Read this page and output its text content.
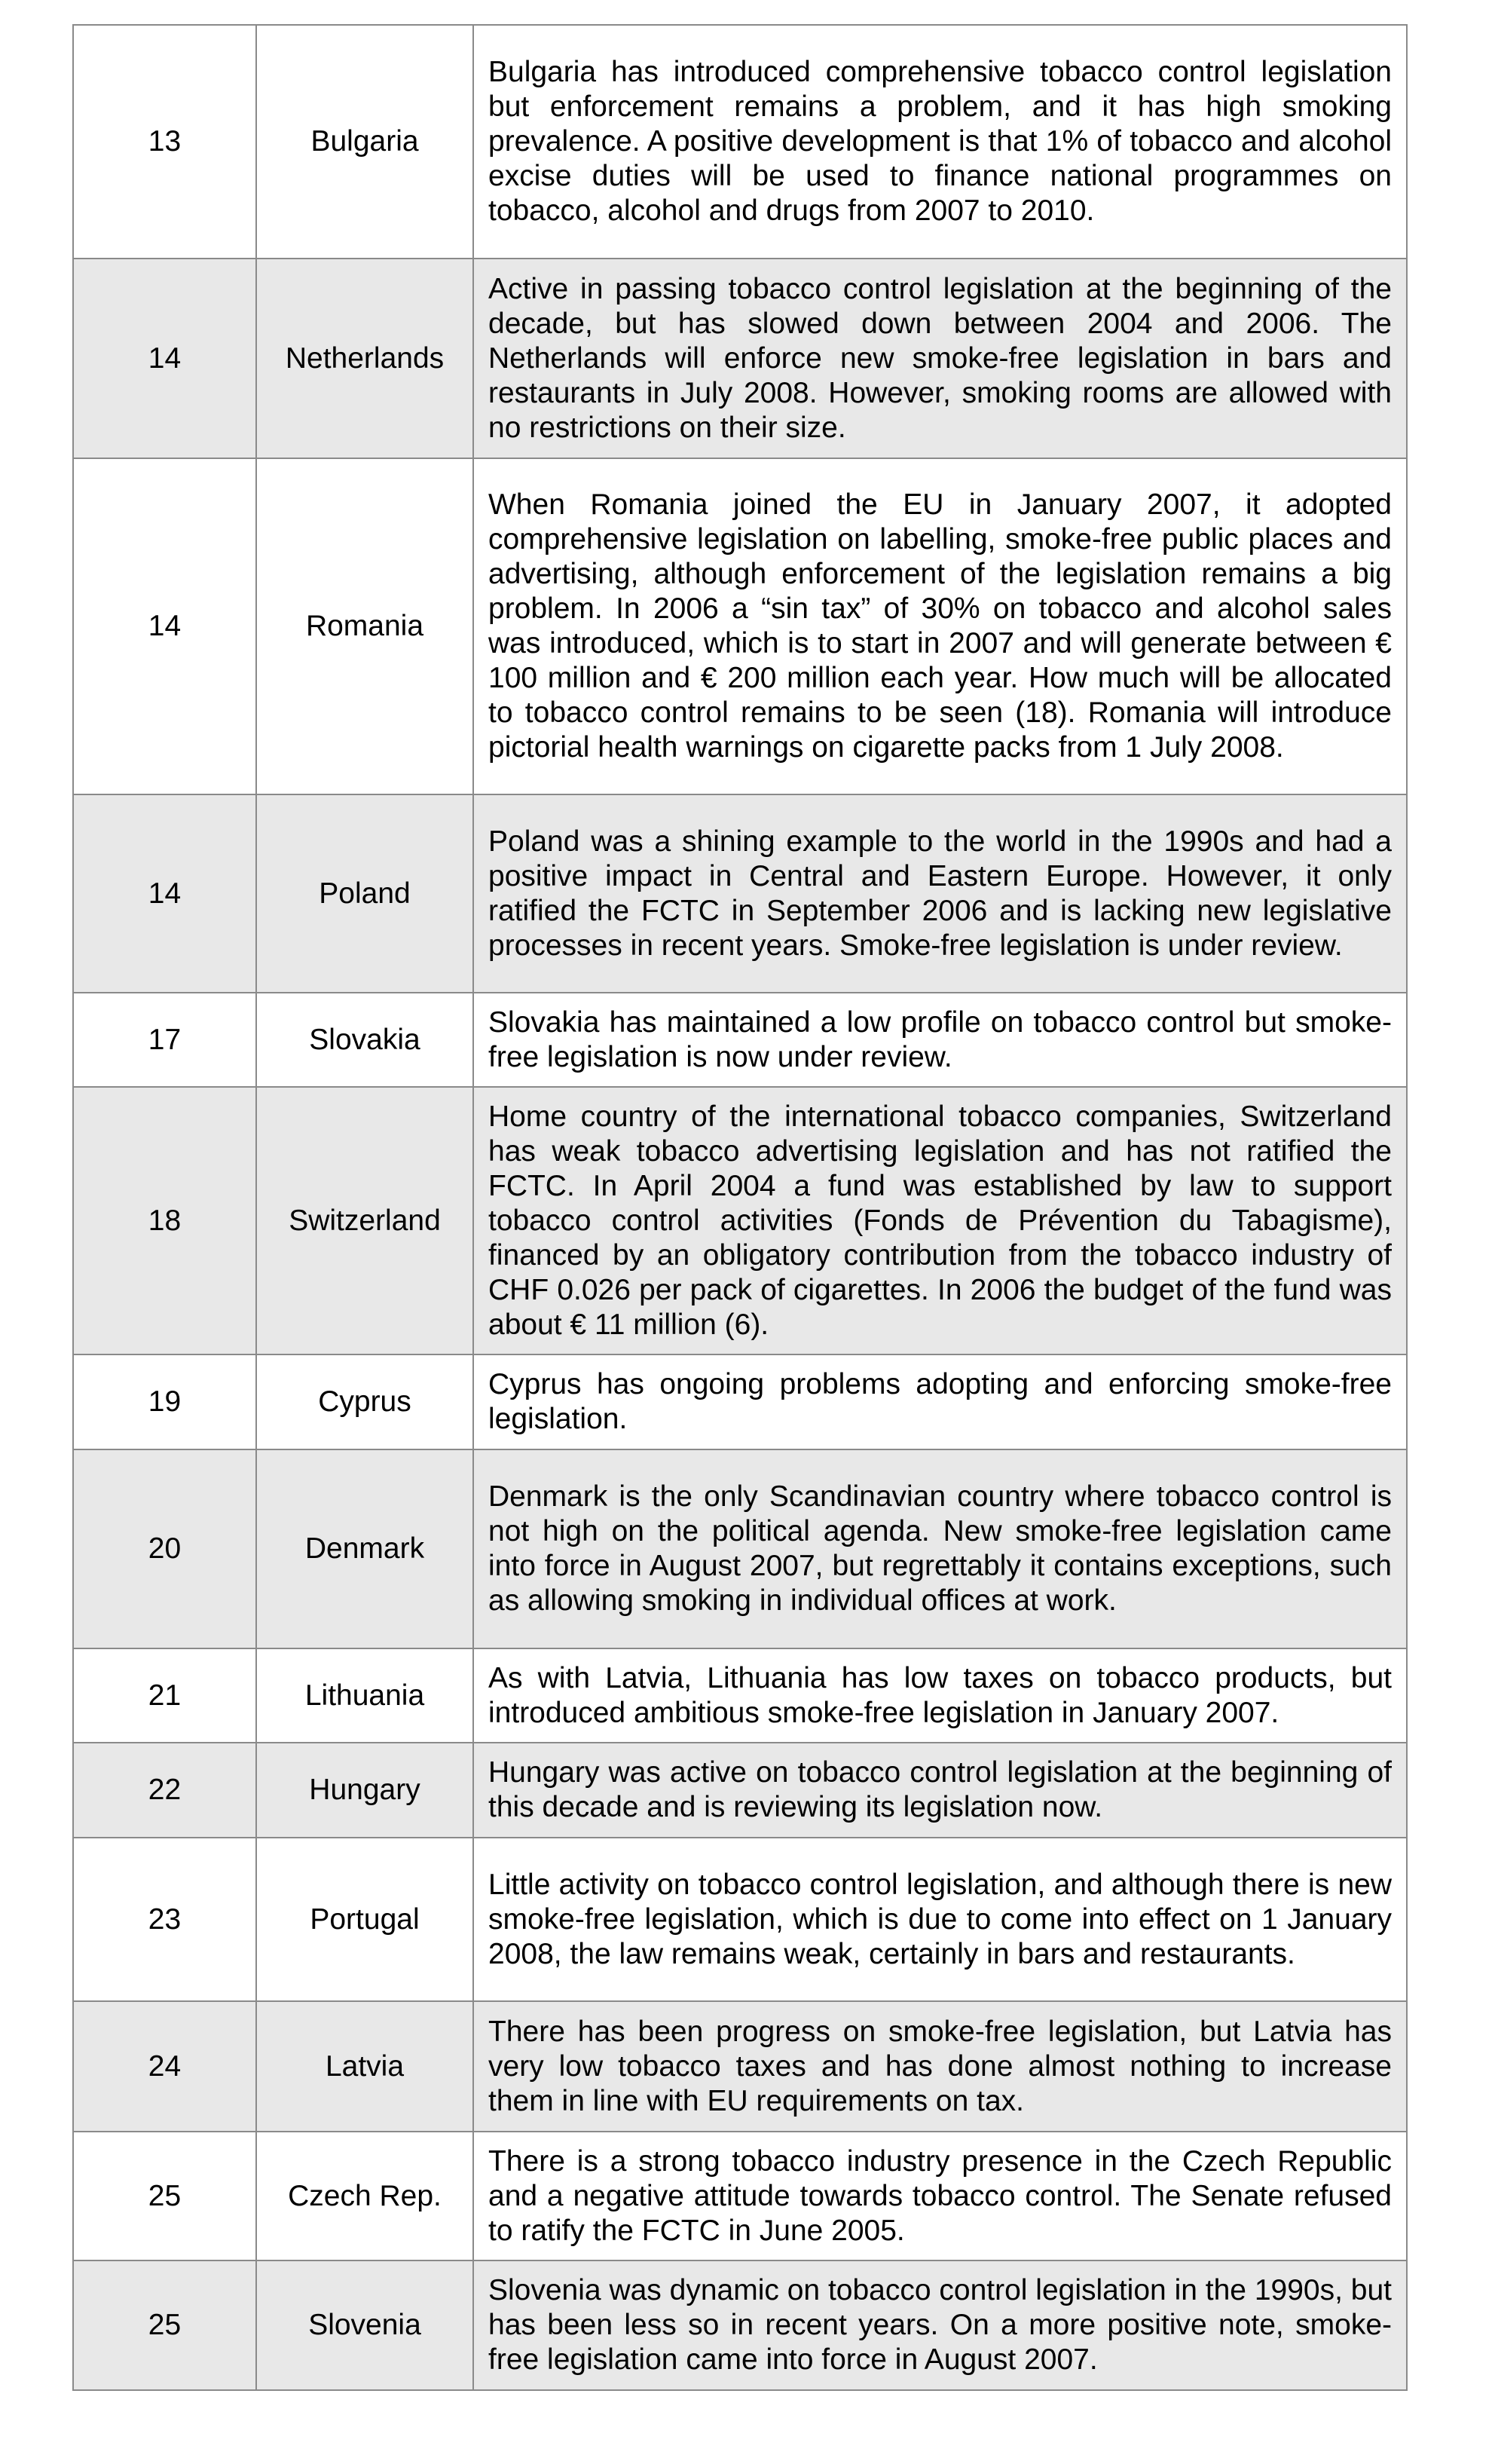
13	Bulgaria	Bulgaria has introduced comprehensive tobacco control legislation but enforcement remains a problem, and it has high smoking prevalence. A positive development is that 1% of tobacco and alcohol excise duties will be used to finance national programmes on tobacco, alcohol and drugs from 2007 to 2010.
14	Netherlands	Active in passing tobacco control legislation at the beginning of the decade, but has slowed down between 2004 and 2006. The Netherlands will enforce new smoke-free legislation in bars and restaurants in July 2008. However, smoking rooms are allowed with no restrictions on their size.
14	Romania	When Romania joined the EU in January 2007, it adopted comprehensive legislation on labelling, smoke-free public places and advertising, although enforcement of the legislation remains a big problem. In 2006 a “sin tax” of 30% on tobacco and alcohol sales was introduced, which is to start in 2007 and will generate between € 100 million and € 200 million each year. How much will be allocated to tobacco control remains to be seen (18). Romania will introduce pictorial health warnings on cigarette packs from 1 July 2008.
14	Poland	Poland was a shining example to the world in the 1990s and had a positive impact in Central and Eastern Europe. However, it only ratified the FCTC in September 2006 and is lacking new legislative processes in recent years. Smoke-free legislation is under review.
17	Slovakia	Slovakia has maintained a low profile on tobacco control but smoke-free legislation is now under review.
18	Switzerland	Home country of the international tobacco companies, Switzerland has weak tobacco advertising legislation and has not ratified the FCTC. In April 2004 a fund was established by law to support tobacco control activities (Fonds de Prévention du Tabagisme), financed by an obligatory contribution from the tobacco industry of CHF 0.026 per pack of cigarettes. In 2006 the budget of the fund was about € 11 million (6).
19	Cyprus	Cyprus has ongoing problems adopting and enforcing smoke-free legislation.
20	Denmark	Denmark is the only Scandinavian country where tobacco control is not high on the political agenda. New smoke-free legislation came into force in August 2007, but regrettably it contains exceptions, such as allowing smoking in individual offices at work.
21	Lithuania	As with Latvia, Lithuania has low taxes on tobacco products, but introduced ambitious smoke-free legislation in January 2007.
22	Hungary	Hungary was active on tobacco control legislation at the beginning of this decade and is reviewing its legislation now.
23	Portugal	Little activity on tobacco control legislation, and although there is new smoke-free legislation, which is due to come into effect on 1 January 2008, the law remains weak, certainly in bars and restaurants.
24	Latvia	There has been progress on smoke-free legislation, but Latvia has very low tobacco taxes and has done almost nothing to increase them in line with EU requirements on tax.
25	Czech Rep.	There is a strong tobacco industry presence in the Czech Republic and a negative attitude towards tobacco control. The Senate refused to ratify the FCTC in June 2005.
25	Slovenia	Slovenia was dynamic on tobacco control legislation in the 1990s, but has been less so in recent years. On a more positive note, smoke-free legislation came into force in August 2007.
